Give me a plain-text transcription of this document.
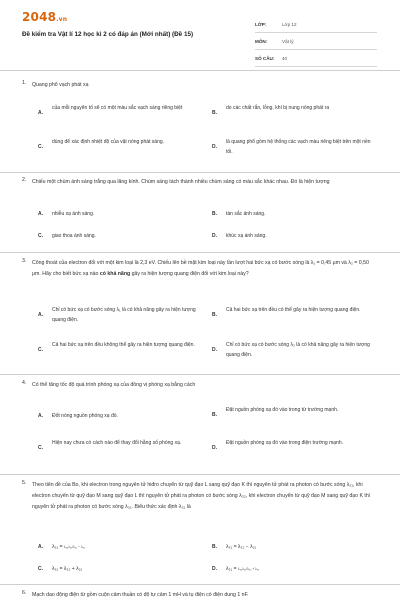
2048.vn
Đề kiểm tra Vật lí 12 học kì 2 có đáp án (Mới nhất) (Đề 15)
LỚP:	Lớp 12
MÔN:	Vật lý
SỐ CÂU:	40
1. Quang phổ vạch phát xạ
A.
của mỗi nguyên tố sẽ có một màu sắc vạch sáng riêng biệt
B.
do các chất rắn, lỏng, khí bị nung nóng phát ra
C.
dùng để xác định nhiệt độ của vật nóng phát sáng.
D.
là quang phổ gồm hệ thống các vạch màu riêng biệt trên một nền tối.
2. Chiếu một chùm ánh sáng trắng qua lăng kính. Chùm sáng tách thành nhiều chùm sáng có màu sắc khác nhau. Đó là hiện tượng
A. nhiễu xạ ánh sáng.	B. tán sắc ánh sáng.
C. giao thoa ánh sáng.	D. khúc xạ ánh sáng.
3. Công thoát của electron đối với một kim loại là 2,3 eV. Chiếu lên bề mặt kim loại này lần lượt hai bức xạ có bước sóng là λ₁ = 0,45 μm và λ₂ = 0,50 μm. Hãy cho biết bức xạ nào có khả năng gây ra hiện tượng quang điện đối với kim loại này?
A.
Chỉ có bức xạ có bước sóng λ₁ là có khả năng gây ra hiện tượng quang điện.
B.
Cả hai bức xạ trên đều có thể gây ra hiện tượng quang điện.
C.
Cả hai bức xạ trên đều không thể gây ra hiện tượng quang điện.
D.
Chỉ có bức xạ có bước sóng λ₂ là có khả năng gây ra hiện tượng quang điện.
4. Có thể tăng tốc độ quá trình phóng xạ của đồng vị phóng xạ bằng cách
A. Đốt nóng nguồn phóng xạ đó.	B.
Đặt nguồn phóng xạ đó vào trong từ trường mạnh.
C.
Hiện nay chưa có cách nào để thay đổi hằng số phóng xạ.
D.
Đặt nguồn phóng xạ đó vào trong điện trường mạnh.
5. Theo tiên đề của Bo, khi electron trong nguyên tử hiđro chuyển từ quỹ đạo L sang quỹ đạo K thì nguyên tử phát ra photon có bước sóng λ₂₁, khi electron chuyển từ quỹ đạo M sang quỹ đạo L thì nguyên tử phát ra photon có bước sóng λ₃₂, khi electron chuyển từ quỹ đạo M sang quỹ đạo K thì nguyên tử phát ra photon có bước sóng λ₃₁. Biểu thức xác định λ₃₁ là
A. λ₃₁ = λ₃₂λ₂₁/λ₂₁ − λ₃₂	B. λ₃₁ = λ₃₂ − λ₂₁
C. λ₃₁ = λ₃₂ + λ₂₁	D. λ₃₁ = λ₃₂λ₂₁/λ₃₂ + λ₂₁
6. Mạch dao động điện từ gồm cuộn cảm thuần có độ tự cảm 1 mH và tụ điện có điện dung 1 nF.
